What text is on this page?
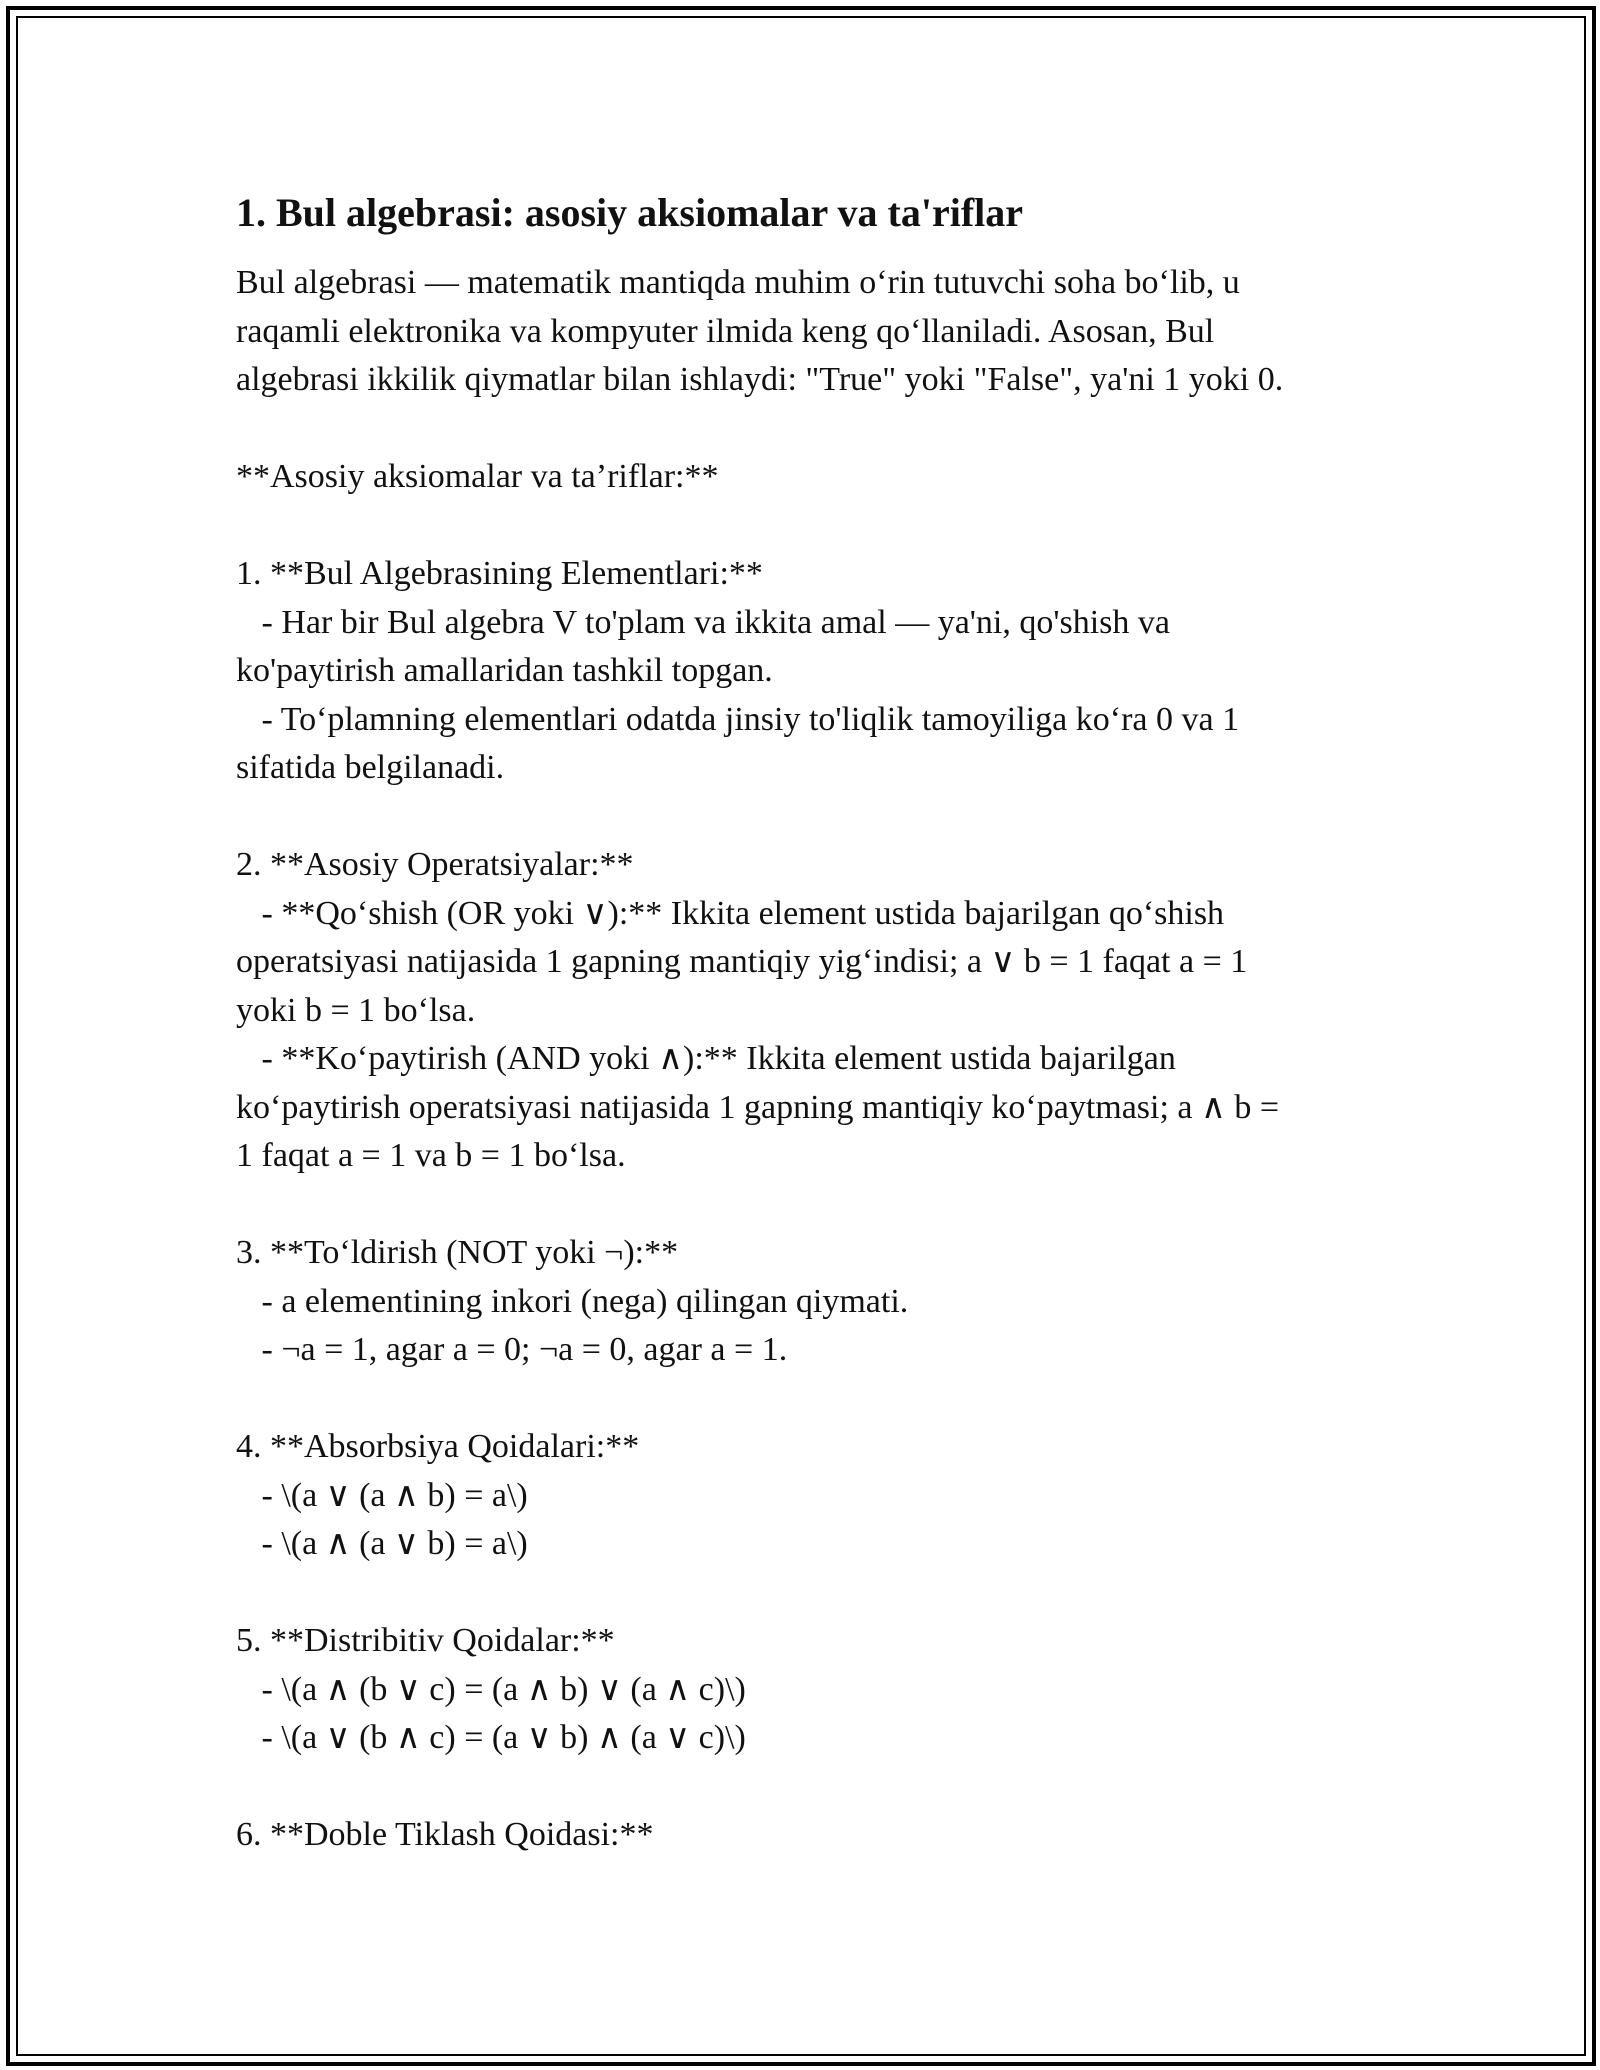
1. Bul algebrasi: asosiy aksiomalar va ta'riflar
Bul algebrasi — matematik mantiqda muhim o‘rin tutuvchi soha bo‘lib, u
raqamli elektronika va kompyuter ilmida keng qo‘llaniladi. Asosan, Bul
algebrasi ikkilik qiymatlar bilan ishlaydi: "True" yoki "False", ya'ni 1 yoki 0.
**Asosiy aksiomalar va ta’riflar:**
1. **Bul Algebrasining Elementlari:**
- Har bir Bul algebra V to'plam va ikkita amal — ya'ni, qo'shish va
ko'paytirish amallaridan tashkil topgan.
- To‘plamning elementlari odatda jinsiy to'liqlik tamoyiliga ko‘ra 0 va 1
sifatida belgilanadi.
2. **Asosiy Operatsiyalar:**
- **Qo‘shish (OR yoki ∨):** Ikkita element ustida bajarilgan qo‘shish
operatsiyasi natijasida 1 gapning mantiqiy yig‘indisi; a ∨ b = 1 faqat a = 1
yoki b = 1 bo‘lsa.
- **Ko‘paytirish (AND yoki ∧):** Ikkita element ustida bajarilgan
ko‘paytirish operatsiyasi natijasida 1 gapning mantiqiy ko‘paytmasi; a ∧ b =
1 faqat a = 1 va b = 1 bo‘lsa.
3. **To‘ldirish (NOT yoki ¬):**
- a elementining inkori (nega) qilingan qiymati.
- ¬a = 1, agar a = 0; ¬a = 0, agar a = 1.
4. **Absorbsiya Qoidalari:**
- \(a ∨ (a ∧ b) = a\)
- \(a ∧ (a ∨ b) = a\)
5. **Distribitiv Qoidalar:**
- \(a ∧ (b ∨ c) = (a ∧ b) ∨ (a ∧ c)\)
- \(a ∨ (b ∧ c) = (a ∨ b) ∧ (a ∨ c)\)
6. **Doble Tiklash Qoidasi:**
